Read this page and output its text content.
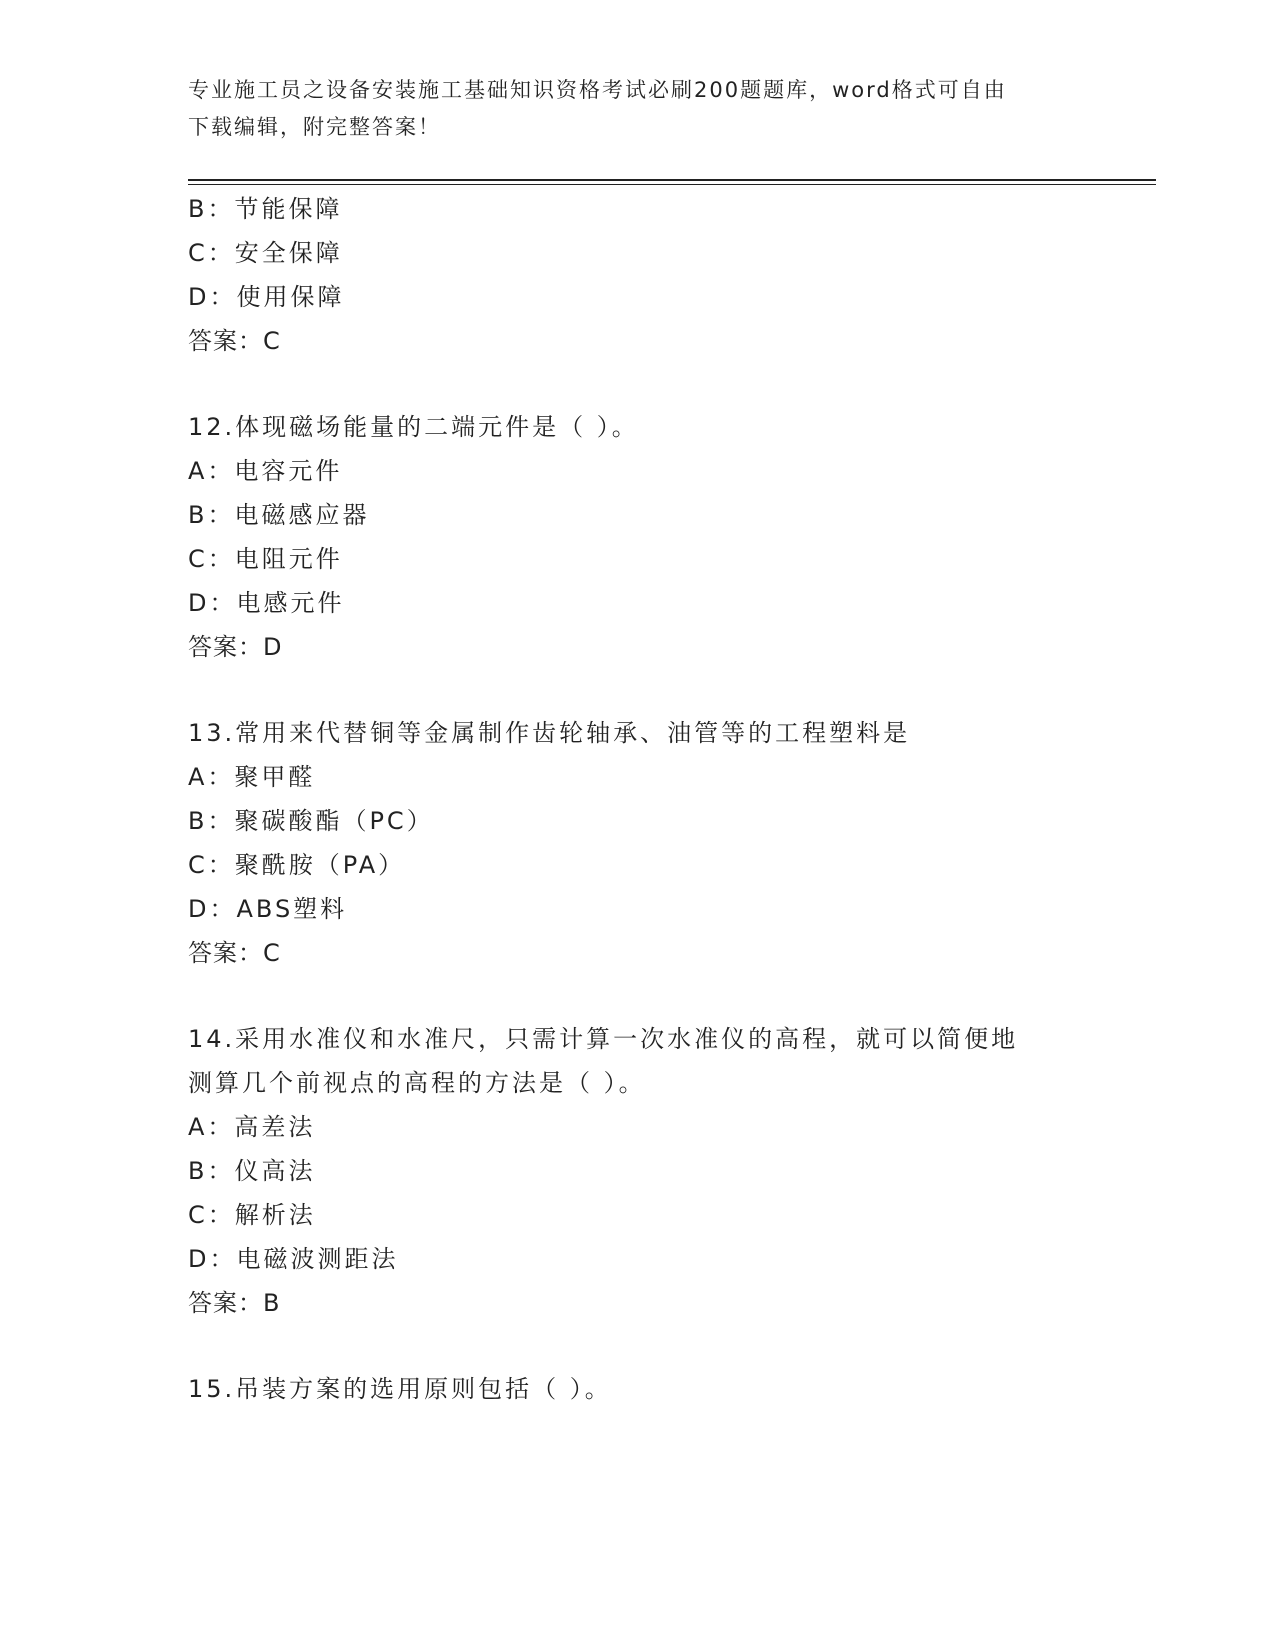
专业施工员之设备安装施工基础知识资格考试必刷200题题库，word格式可自由
下载编辑，附完整答案！
B：节能保障
C：安全保障
D：使用保障
答案：C
12.体现磁场能量的二端元件是（ ）。
A：电容元件
B：电磁感应器
C：电阻元件
D：电感元件
答案：D
13.常用来代替铜等金属制作齿轮轴承、油管等的工程塑料是
A：聚甲醛
B：聚碳酸酯（PC）
C：聚酰胺（PA）
D：ABS塑料
答案：C
14.采用水准仪和水准尺，只需计算一次水准仪的高程，就可以简便地
测算几个前视点的高程的方法是（ ）。
A：高差法
B：仪高法
C：解析法
D：电磁波测距法
答案：B
15.吊装方案的选用原则包括（ ）。
